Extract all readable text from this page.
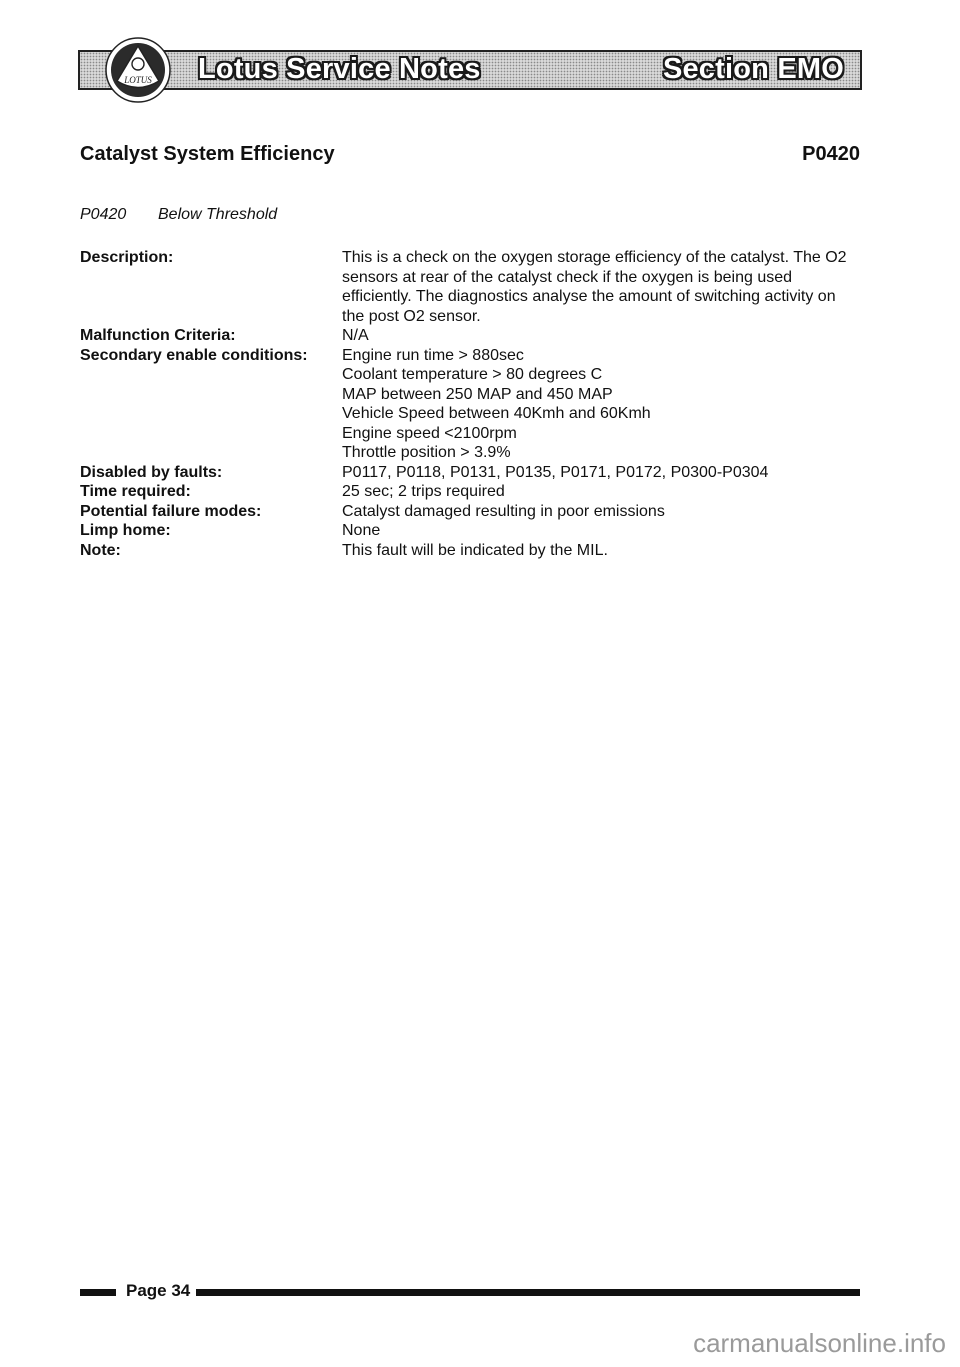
Lotus Service Notes	Section EMO
LOTUS
Catalyst System Efficiency	P0420
P0420 Below Threshold
Description:
Malfunction Criteria:
Secondary enable conditions:
Disabled by faults:
Time required:
Potential failure modes:
Limp home:
Note:
This is a check on the oxygen storage efficiency of the catalyst. The O2 sensors at rear of the catalyst check if the oxygen is being used efficiently. The diagnostics analyse the amount of switching activity on the post O2 sensor.
N/A
Engine run time > 880sec
Coolant temperature > 80 degrees C
MAP between 250 MAP and 450 MAP
Vehicle Speed between 40Kmh and 60Kmh
Engine speed <2100rpm
Throttle position > 3.9%
P0117, P0118, P0131, P0135, P0171, P0172, P0300-P0304
25 sec; 2 trips required
Catalyst damaged resulting in poor emissions
None
This fault will be indicated by the MIL.
Page 34
carmanualsonline.info
